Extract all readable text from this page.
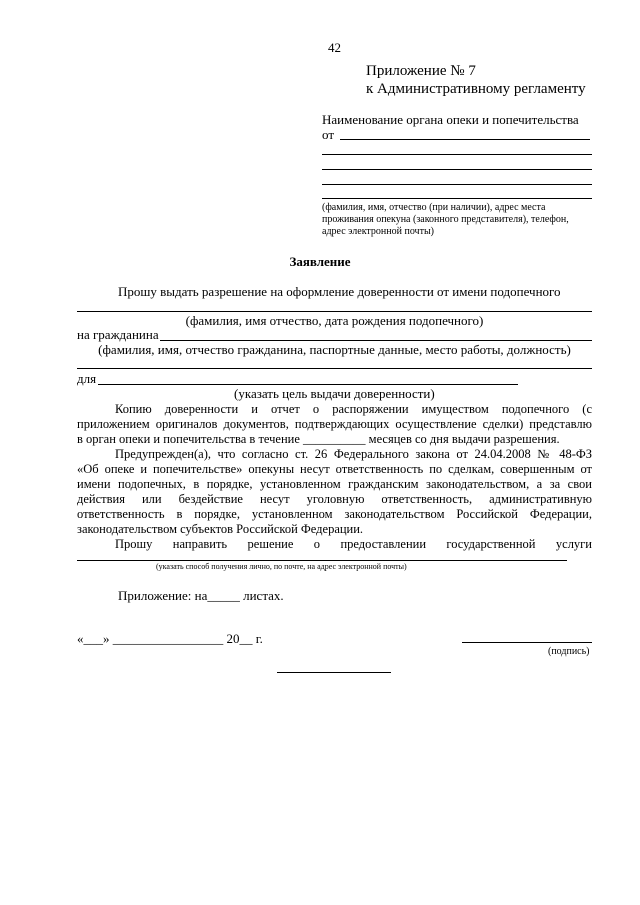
42
Приложение № 7
к Административному регламенту
Наименование органа опеки и попечительства
от
(фамилия, имя, отчество (при наличии), адрес места
проживания опекуна (законного представителя), телефон,
адрес электронной почты)
Заявление
Прошу выдать разрешение на оформление доверенности от имени подопечного
(фамилия, имя отчество, дата рождения подопечного)
на гражданина
(фамилия, имя, отчество гражданина, паспортные данные, место работы, должность)
для
(указать цель выдачи доверенности)
Копию доверенности и отчет о распоряжении имуществом подопечного (с
приложением оригиналов документов, подтверждающих осуществление сделки) представлю
в орган опеки и попечительства в течение __________ месяцев со дня выдачи разрешения.
Предупрежден(а), что согласно ст. 26 Федерального закона от 24.04.2008 № 48-ФЗ
«Об опеке и попечительстве» опекуны несут ответственность по сделкам, совершенным от
имени подопечных, в порядке, установленном гражданским законодательством, а за свои
действия или бездействие несут уголовную ответственность, административную
ответственность в порядке, установленном законодательством Российской Федерации,
законодательством субъектов Российской Федерации.
Прошу направить решение о предоставлении государственной услуги
(указать способ получения лично, по почте, на адрес электронной почты)
Приложение: на_____ листах.
«___» _________________ 20__ г.
(подпись)
